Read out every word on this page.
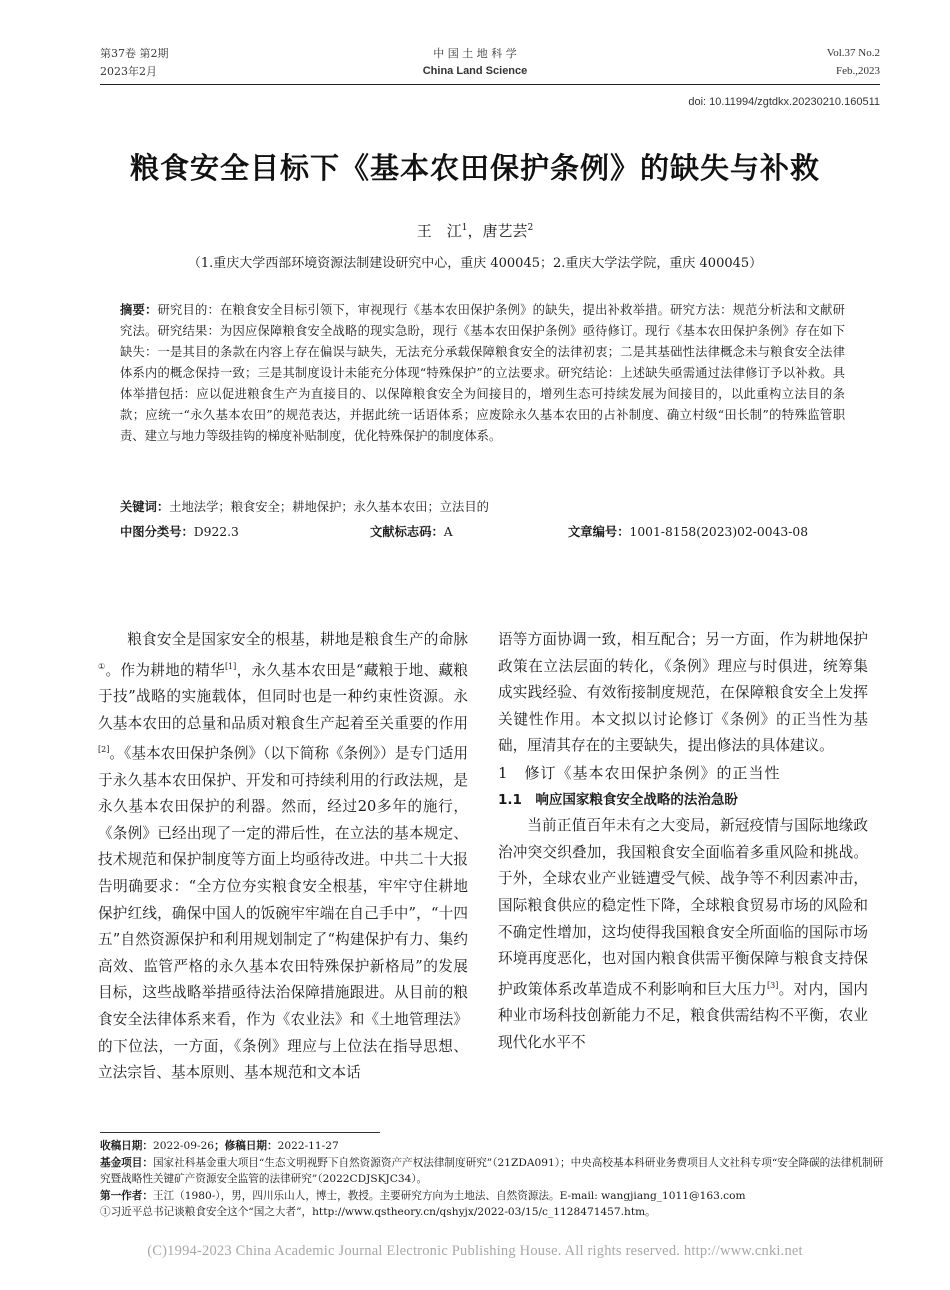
第37卷 第2期
2023年2月
中 国 土 地 科 学
China Land Science
Vol.37 No.2
Feb.,2023
doi: 10.11994/zgtdkx.20230210.160511
粮食安全目标下《基本农田保护条例》的缺失与补救
王　江$^1$，唐艺芸$^2$
（1.重庆大学西部环境资源法制建设研究中心，重庆 400045；2.重庆大学法学院，重庆 400045）
摘要：研究目的：在粮食安全目标引领下，审视现行《基本农田保护条例》的缺失，提出补救举措。研究方法：规范分析法和文献研究法。研究结果：为因应保障粮食安全战略的现实急盼，现行《基本农田保护条例》亟待修订。现行《基本农田保护条例》存在如下缺失：一是其目的条款在内容上存在偏误与缺失，无法充分承载保障粮食安全的法律初衷；二是其基础性法律概念未与粮食安全法律体系内的概念保持一致；三是其制度设计未能充分体现“特殊保护”的立法要求。研究结论：上述缺失亟需通过法律修订予以补救。具体举措包括：应以促进粮食生产为直接目的、以保障粮食安全为间接目的，增列生态可持续发展为间接目的，以此重构立法目的条款；应统一“永久基本农田”的规范表达，并据此统一话语体系；应废除永久基本农田的占补制度、确立村级“田长制”的特殊监管职责、建立与地力等级挂钩的梯度补贴制度，优化特殊保护的制度体系。
关键词：土地法学；粮食安全；耕地保护；永久基本农田；立法目的
中图分类号：D922.3	文献标志码：A	文章编号：1001-8158(2023)02-0043-08

粮食安全是国家安全的根基，耕地是粮食生产的命脉①。作为耕地的精华[1]，永久基本农田是“藏粮于地、藏粮于技”战略的实施载体，但同时也是一种约束性资源。永久基本农田的总量和品质对粮食生产起着至关重要的作用[2]。《基本农田保护条例》（以下简称《条例》）是专门适用于永久基本农田保护、开发和可持续利用的行政法规，是永久基本农田保护的利器。然而，经过20多年的施行，《条例》已经出现了一定的滞后性，在立法的基本规定、技术规范和保护制度等方面上均亟待改进。中共二十大报告明确要求：“全方位夯实粮食安全根基，牢牢守住耕地保护红线，确保中国人的饭碗牢牢端在自己手中”，“十四五”自然资源保护和利用规划制定了“构建保护有力、集约高效、监管严格的永久基本农田特殊保护新格局”的发展目标，这些战略举措亟待法治保障措施跟进。从目前的粮食安全法律体系来看，作为《农业法》和《土地管理法》的下位法，一方面，《条例》理应与上位法在指导思想、立法宗旨、基本原则、基本规范和文本话

语等方面协调一致，相互配合；另一方面，作为耕地保护政策在立法层面的转化，《条例》理应与时俱进，统筹集成实践经验、有效衔接制度规范，在保障粮食安全上发挥关键性作用。本文拟以讨论修订《条例》的正当性为基础，厘清其存在的主要缺失，提出修法的具体建议。

1　修订《基本农田保护条例》的正当性

1.1　响应国家粮食安全战略的法治急盼

当前正值百年未有之大变局，新冠疫情与国际地缘政治冲突交织叠加，我国粮食安全面临着多重风险和挑战。于外，全球农业产业链遭受气候、战争等不利因素冲击，国际粮食供应的稳定性下降，全球粮食贸易市场的风险和不确定性增加，这均使得我国粮食安全所面临的国际市场环境再度恶化，也对国内粮食供需平衡保障与粮食支持保护政策体系改革造成不利影响和巨大压力[3]。对内，国内种业市场科技创新能力不足，粮食供需结构不平衡，农业现代化水平不

收稿日期：2022-09-26；修稿日期：2022-11-27

基金项目：国家社科基金重大项目“生态文明视野下自然资源资产产权法律制度研究”（21ZDA091）；中央高校基本科研业务费项目人文社科专项“安全降碳的法律机制研究暨战略性关键矿产资源安全监管的法律研究”（2022CDJSKJC34）。

第一作者：王江（1980-），男，四川乐山人，博士，教授。主要研究方向为土地法、自然资源法。E-mail: wangjiang_1011@163.com

①习近平总书记谈粮食安全这个“国之大者”，http://www.qstheory.cn/qshyjx/2022-03/15/c_1128471457.htm。

(C)1994-2023 China Academic Journal Electronic Publishing House. All rights reserved. http://www.cnki.net
